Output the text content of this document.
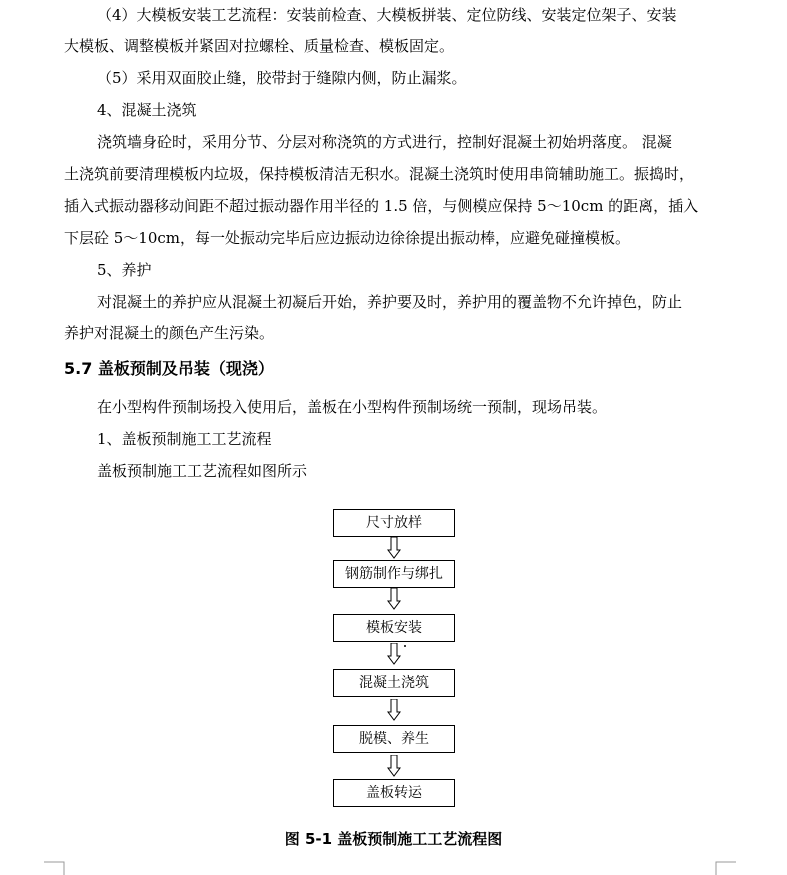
（4）大模板安装工艺流程：安装前检查、大模板拼装、定位防线、安装定位架子、安装
大模板、调整模板并紧固对拉螺栓、质量检查、模板固定。
（5）采用双面胶止缝，胶带封于缝隙内侧，防止漏浆。
4、混凝土浇筑
浇筑墙身砼时，采用分节、分层对称浇筑的方式进行，控制好混凝土初始坍落度。 混凝
土浇筑前要清理模板内垃圾，保持模板清洁无积水。混凝土浇筑时使用串筒辅助施工。振捣时，
插入式振动器移动间距不超过振动器作用半径的 1.5 倍，与侧模应保持 5～10cm 的距离，插入
下层砼 5～10cm，每一处振动完毕后应边振动边徐徐提出振动棒，应避免碰撞模板。
5、养护
对混凝土的养护应从混凝土初凝后开始，养护要及时，养护用的覆盖物不允许掉色，防止
养护对混凝土的颜色产生污染。
5.7 盖板预制及吊装（现浇）
在小型构件预制场投入使用后，盖板在小型构件预制场统一预制，现场吊装。
1、盖板预制施工工艺流程
盖板预制施工工艺流程如图所示
尺寸放样
钢筋制作与绑扎
模板安装
混凝土浇筑
脱模、养生
盖板转运
图 5-1 盖板预制施工工艺流程图
